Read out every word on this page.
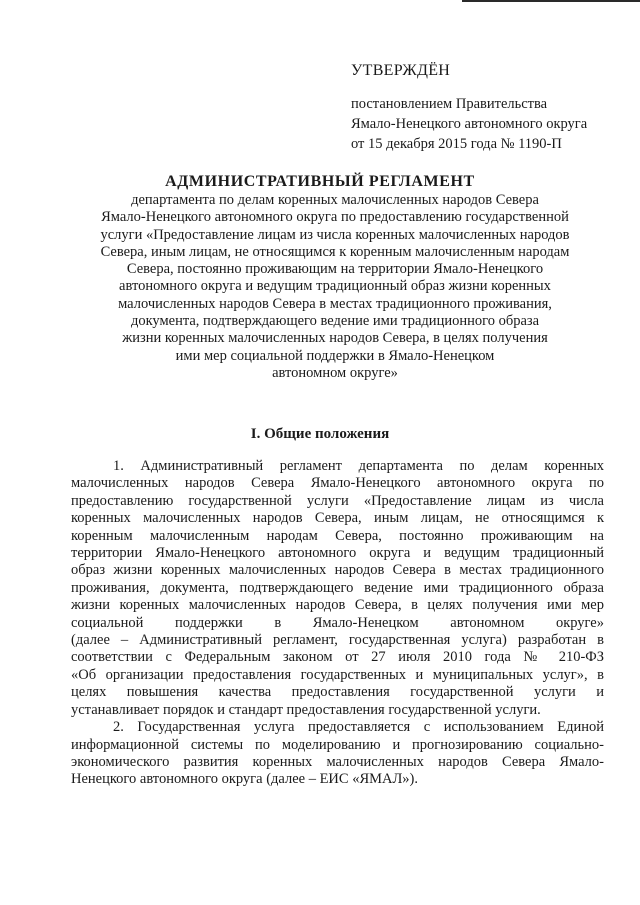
УТВЕРЖДЁН

постановлением Правительства

Ямало-Ненецкого автономного округа

от 15 декабря 2015 года № 1190-П

АДМИНИСТРАТИВНЫЙ РЕГЛАМЕНТ
департамента по делам коренных малочисленных народов Севера
Ямало-Ненецкого автономного округа по предоставлению государственной
услуги «Предоставление лицам из числа коренных малочисленных народов
Севера, иным лицам, не относящимся к коренным малочисленным народам
Севера, постоянно проживающим на территории Ямало-Ненецкого
автономного округа и ведущим традиционный образ жизни коренных
малочисленных народов Севера в местах традиционного проживания,
документа, подтверждающего ведение ими традиционного образа
жизни коренных малочисленных народов Севера, в целях получения
ими мер социальной поддержки в Ямало-Ненецком
автономном округе»
I. Общие положения
1. Административный регламент департамента по делам коренных
малочисленных народов Севера Ямало-Ненецкого автономного округа по
предоставлению государственной услуги «Предоставление лицам из числа
коренных малочисленных народов Севера, иным лицам, не относящимся к
коренным малочисленным народам Севера, постоянно проживающим на
территории Ямало-Ненецкого автономного округа и ведущим традиционный
образ жизни коренных малочисленных народов Севера в местах традиционного
проживания, документа, подтверждающего ведение ими традиционного образа
жизни коренных малочисленных народов Севера, в целях получения ими мер
социальной поддержки в Ямало-Ненецком автономном округе»
(далее – Административный регламент, государственная услуга) разработан в
соответствии с Федеральным законом от 27 июля 2010 года № 210-ФЗ
«Об организации предоставления государственных и муниципальных услуг», в
целях повышения качества предоставления государственной услуги и
устанавливает порядок и стандарт предоставления государственной услуги.
2. Государственная услуга предоставляется с использованием Единой
информационной системы по моделированию и прогнозированию социально-
экономического развития коренных малочисленных народов Севера Ямало-
Ненецкого автономного округа (далее – ЕИС «ЯМАЛ»).
